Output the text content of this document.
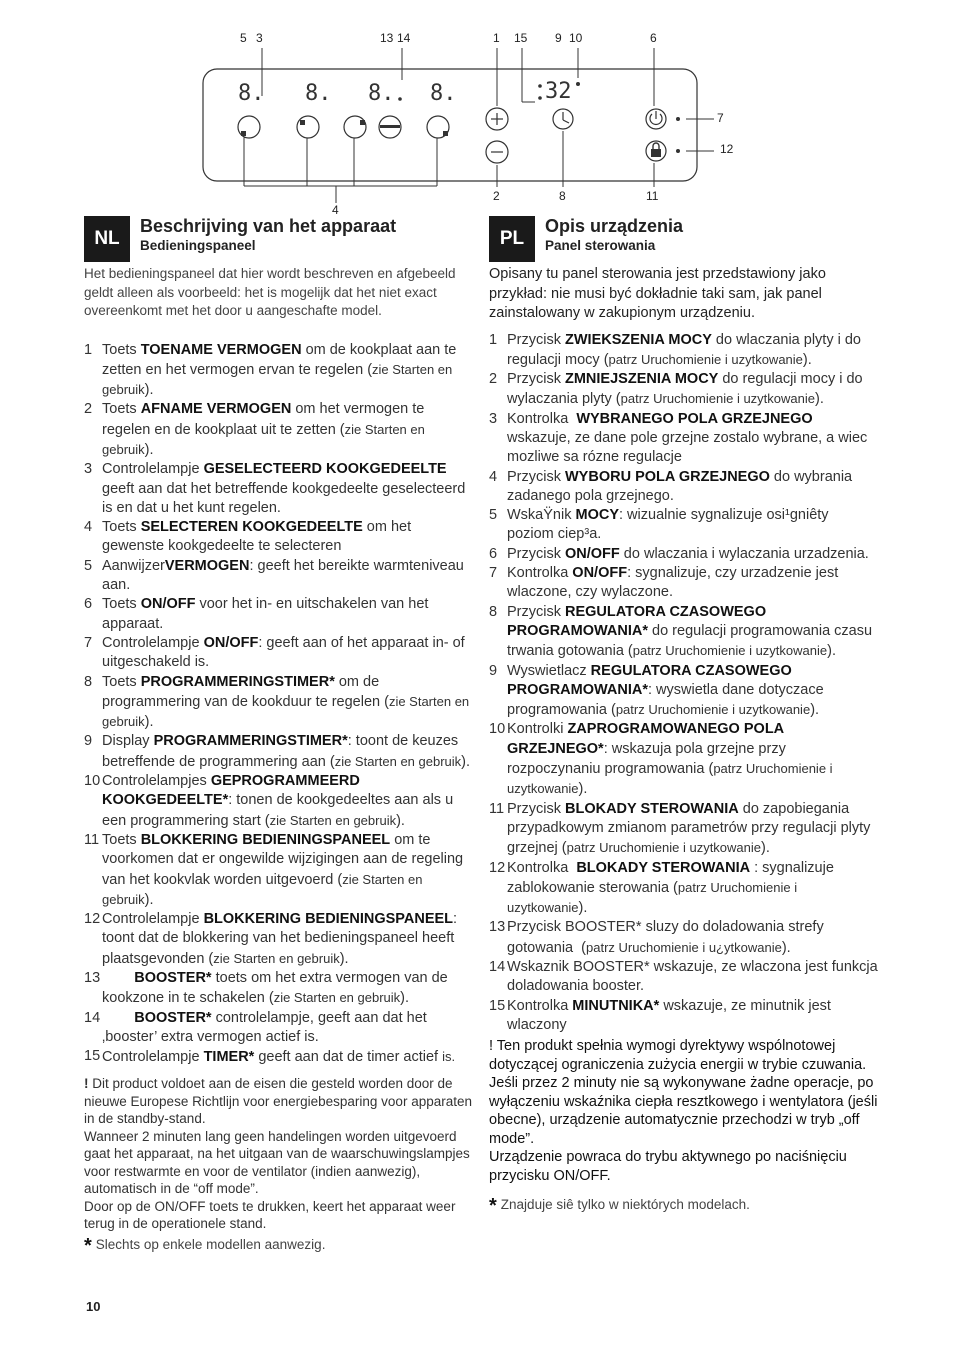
8. 8. 8. 8.	32
5 3	13 14	1 15 9 10	6
7
12
4
2	8	11
NL
Beschrijving van het apparaat
Bedieningspaneel

Het bedieningspaneel dat hier wordt beschreven en afgebeeld geldt alleen als voorbeeld: het is mogelijk dat het niet exact overeenkomt met het door u aangeschafte model.

1 Toets TOENAME VERMOGEN om de kookplaat aan te zetten en het vermogen ervan te regelen (zie Starten en gebruik).
2 Toets AFNAME VERMOGEN om het vermogen te regelen en de kookplaat uit te zetten (zie Starten en gebruik).
3 Controlelampje GESELECTEERD KOOKGEDEELTE geeft aan dat het betreffende kookgedeelte geselecteerd is en dat u het kunt regelen.
4 Toets SELECTEREN KOOKGEDEELTE om het gewenste kookgedeelte te selecteren
5 AanwijzerVERMOGEN: geeft het bereikte warmteniveau aan.
6 Toets ON/OFF voor het in- en uitschakelen van het apparaat.
7 Controlelampje ON/OFF: geeft aan of het apparaat in- of uitgeschakeld is.
8 Toets PROGRAMMERINGSTIMER* om de programmering van de kookduur te regelen (zie Starten en gebruik).
9 Display PROGRAMMERINGSTIMER*: toont de keuzes betreffende de programmering aan (zie Starten en gebruik).
10 Controlelampjes GEPROGRAMMEERD KOOKGEDEELTE*: tonen de kookgedeeltes aan als u een programmering start (zie Starten en gebruik).
11 Toets BLOKKERING BEDIENINGSPANEEL om te voorkomen dat er ongewilde wijzigingen aan de regeling van het kookvlak worden uitgevoerd (zie Starten en gebruik).
12 Controlelampje BLOKKERING BEDIENINGSPANEEL: toont dat de blokkering van het bedieningspaneel heeft plaatsgevonden (zie Starten en gebruik).
13	BOOSTER* toets om het extra vermogen van de kookzone in te schakelen (zie Starten en gebruik).
14	BOOSTER* controlelampje, geeft aan dat het ‚booster’ extra vermogen actief is.
15 Controlelampje TIMER* geeft aan dat de timer actief is.
! Dit product voldoet aan de eisen die gesteld worden door de nieuwe Europese Richtlijn voor energiebesparing voor apparaten in de standby-stand.
Wanneer 2 minuten lang geen handelingen worden uitgevoerd gaat het apparaat, na het uitgaan van de waarschuwingslampjes voor restwarmte en voor de ventilator (indien aanwezig), automatisch in de “off mode”.
Door op de ON/OFF toets te drukken, keert het apparaat weer terug in de operationele stand.
* Slechts op enkele modellen aanwezig.
PL
Opis urządzenia
Panel sterowania

Opisany tu panel sterowania jest przedstawiony jako przykład: nie musi być dokładnie taki sam, jak panel zainstalowany w zakupionym urządzeniu.

1 Przycisk ZWIEKSZENIA MOCY do wlaczania plyty i do regulacji mocy (patrz Uruchomienie i uzytkowanie).
2 Przycisk ZMNIEJSZENIA MOCY do regulacji mocy i do wylaczania plyty (patrz Uruchomienie i uzytkowanie).
3 Kontrolka  WYBRANEGO POLA GRZEJNEGO wskazuje, ze dane pole grzejne zostalo wybrane, a wiec mozliwe sa rózne regulacje
4 Przycisk WYBORU POLA GRZEJNEGO do wybrania zadanego pola grzejnego.
5 WskaŸnik MOCY: wizualnie sygnalizuje osi¹gniêty poziom ciep³a.
6 Przycisk ON/OFF do wlaczania i wylaczania urzadzenia.
7 Kontrolka ON/OFF: sygnalizuje, czy urzadzenie jest wlaczone, czy wylaczone.
8 Przycisk REGULATORA CZASOWEGO PROGRAMOWANIA* do regulacji programowania czasu trwania gotowania (patrz Uruchomienie i uzytkowanie).
9 Wyswietlacz REGULATORA CZASOWEGO PROGRAMOWANIA*: wyswietla dane dotyczace programowania (patrz Uruchomienie i uzytkowanie).
10 Kontrolki ZAPROGRAMOWANEGO POLA GRZEJNEGO*: wskazuja pola grzejne przy rozpoczynaniu programowania (patrz Uruchomienie i uzytkowanie).
11 Przycisk BLOKADY STEROWANIA do zapobiegania przypadkowym zmianom parametrów przy regulacji plyty grzejnej (patrz Uruchomienie i uzytkowanie).
12 Kontrolka  BLOKADY STEROWANIA : sygnalizuje zablokowanie sterowania (patrz Uruchomienie i uzytkowanie).
13 Przycisk BOOSTER* sluzy do doladowania strefy gotowania  (patrz Uruchomienie i u¿ytkowanie).
14 Wskaznik BOOSTER* wskazuje, ze wlaczona jest funkcja doladowania booster.
15 Kontrolka MINUTNIKA* wskazuje, ze minutnik jest wlaczony
! Ten produkt spełnia wymogi dyrektywy wspólnotowej dotyczącej ograniczenia zużycia energii w trybie czuwania.
Jeśli przez 2 minuty nie są wykonywane żadne operacje, po wyłączeniu wskaźnika ciepła resztkowego i wentylatora (jeśli obecne), urządzenie automatycznie przechodzi w tryb „off mode”.
Urządzenie powraca do trybu aktywnego po naciśnięciu przycisku ON/OFF.
* Znajduje siê tylko w niektórych modelach.
10
